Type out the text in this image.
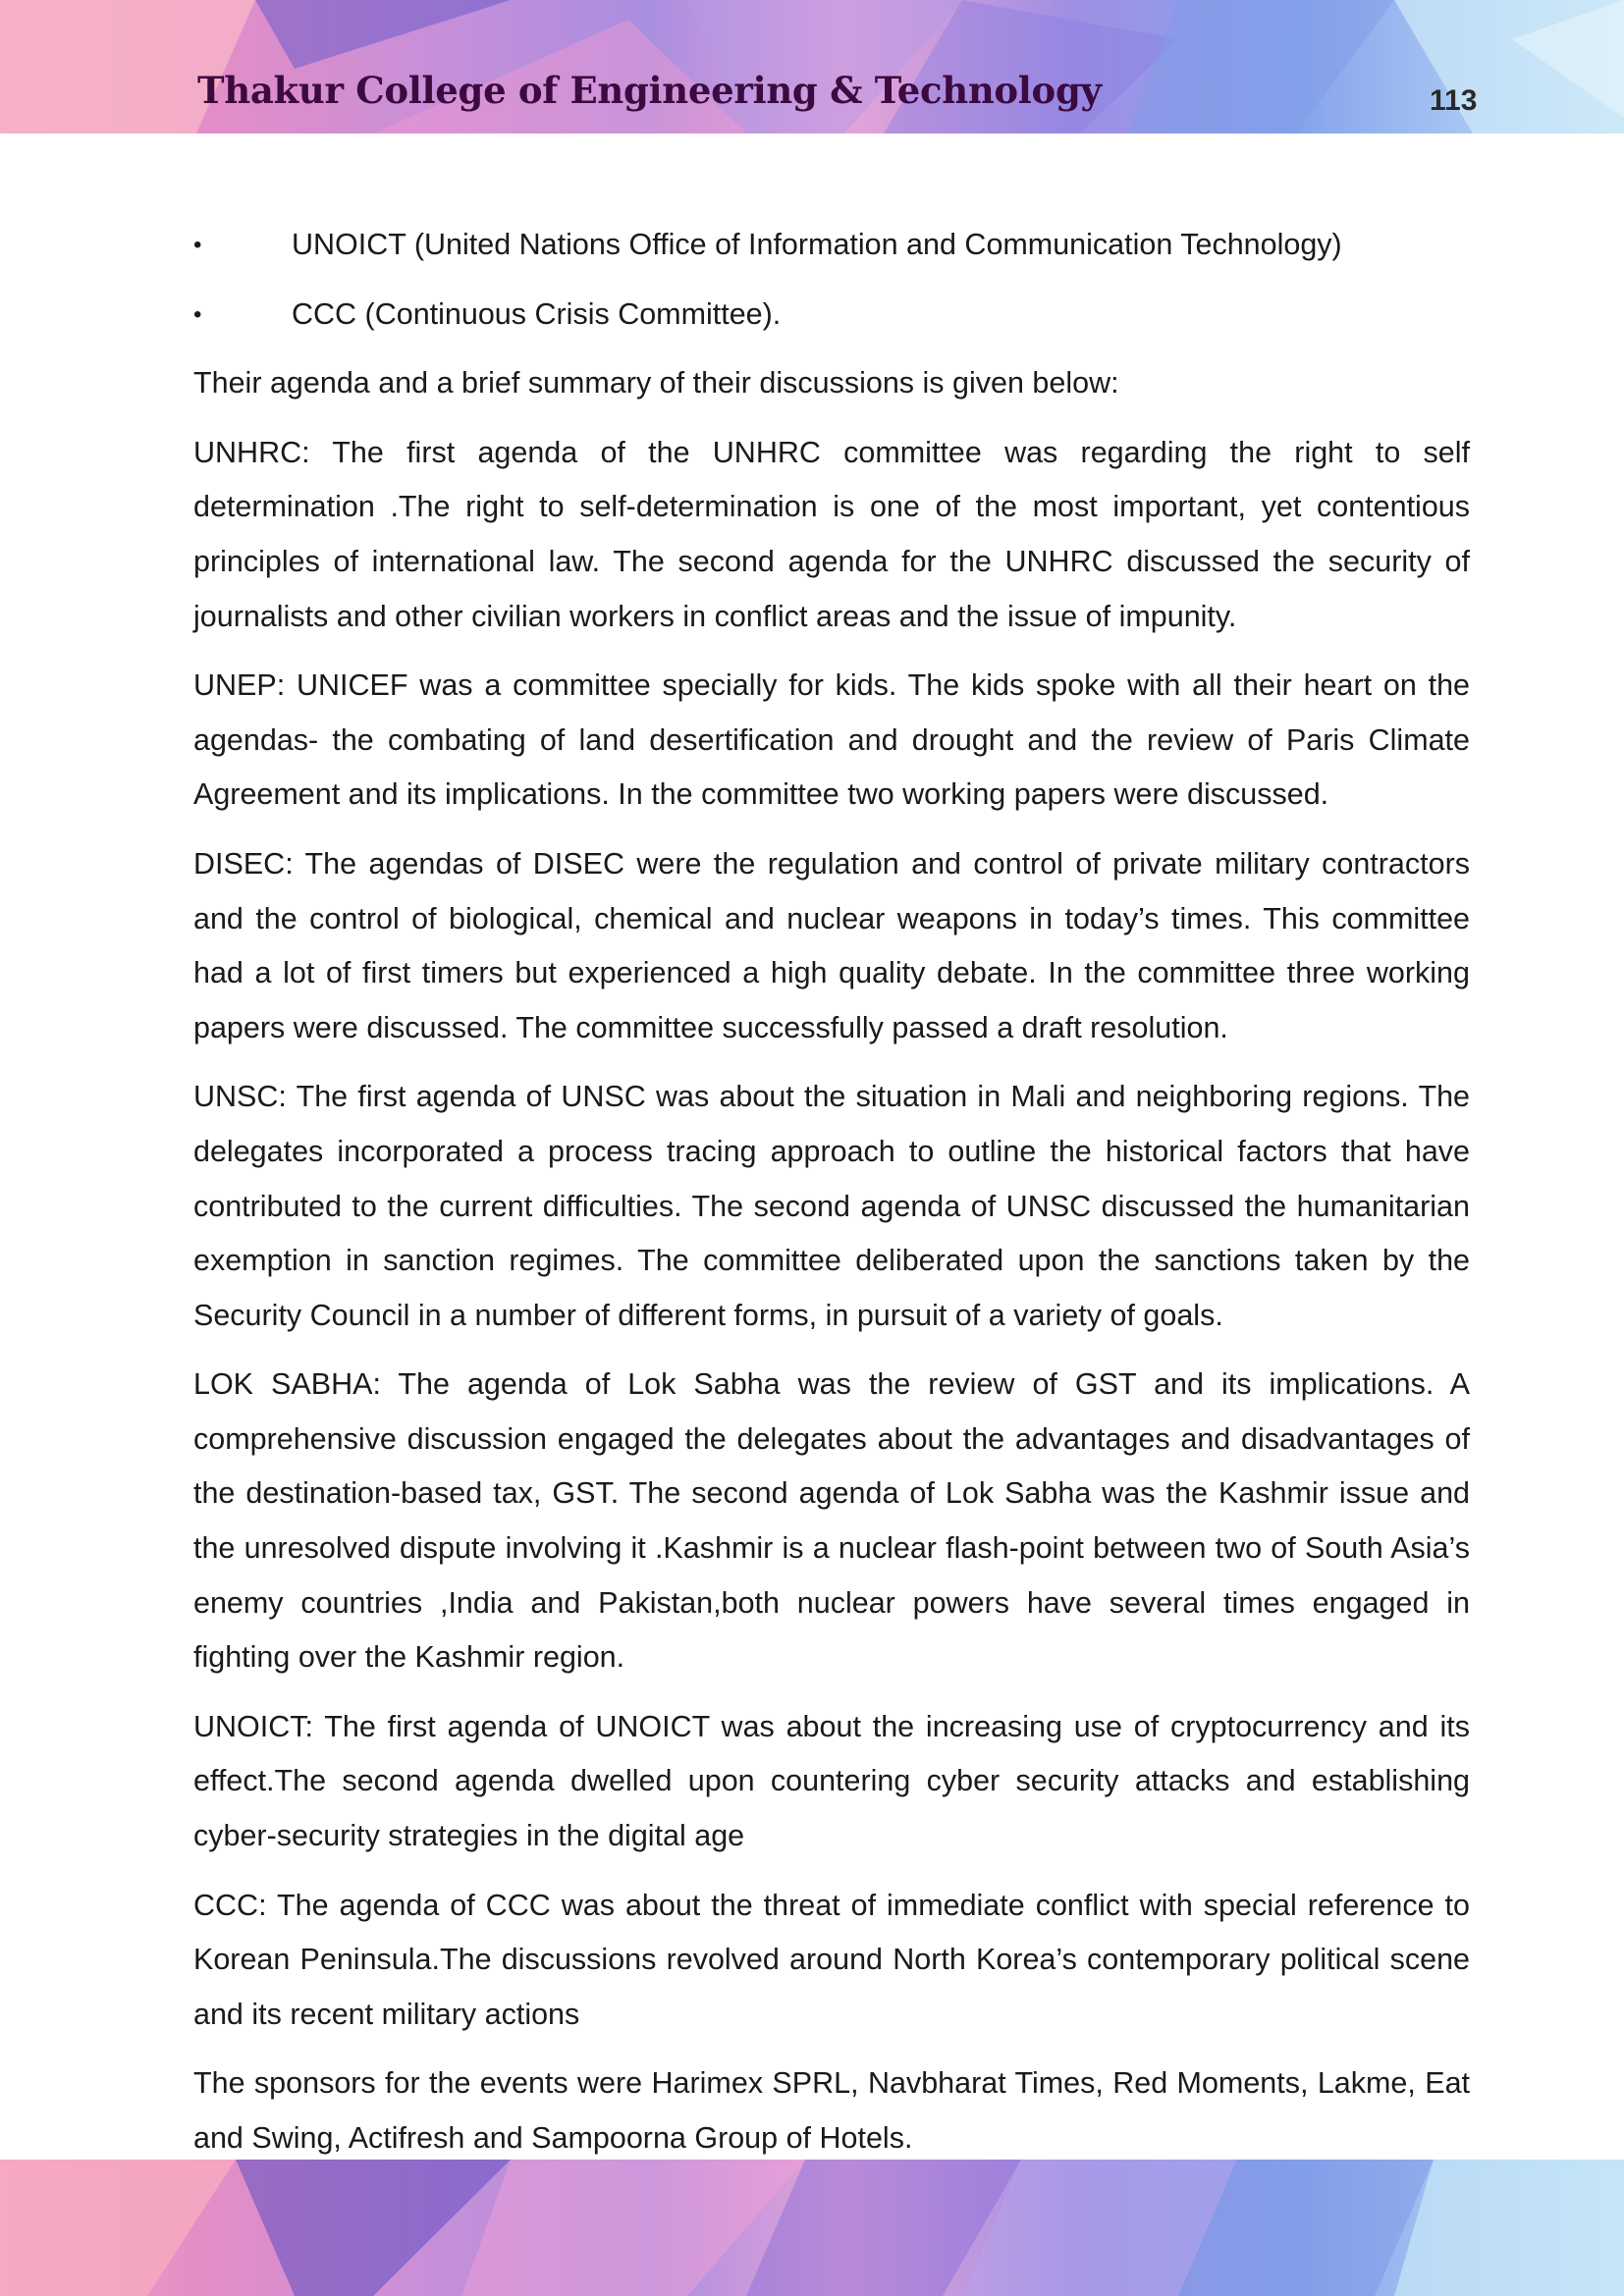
Thakur College of Engineering & Technology	113
•	UNOICT (United Nations Office of Information and Communication Technology)
•	CCC (Continuous Crisis Committee).

Their agenda and a brief summary of their discussions is given below:

UNHRC: The first agenda of the UNHRC committee was regarding the right to self determination .The right to self-determination is one of the most important, yet contentious principles of international law. The second agenda for the UNHRC discussed the security of journalists and other civilian workers in conflict areas and the issue of impunity.

UNEP: UNICEF was a committee specially for kids. The kids spoke with all their heart on the agendas- the combating of land desertification and drought and the review of Paris Climate Agreement and its implications. In the committee two working papers were discussed.

DISEC: The agendas of DISEC were the regulation and control of private military contractors and the control of biological, chemical and nuclear weapons in today’s times. This committee had a lot of first timers but experienced a high quality debate. In the committee three working papers were discussed. The committee successfully passed a draft resolution.

UNSC: The first agenda of UNSC was about the situation in Mali and neighboring regions. The delegates incorporated a process tracing approach to outline the historical factors that have contributed to the current difficulties. The second agenda of UNSC discussed the humanitarian exemption in sanction regimes. The committee deliberated upon the sanctions taken by the Security Council in a number of different forms, in pursuit of a variety of goals.

LOK SABHA: The agenda of Lok Sabha was the review of GST and its implications. A comprehensive discussion engaged the delegates about the advantages and disadvantages of the destination-based tax, GST. The second agenda of Lok Sabha was the Kashmir issue and the unresolved dispute involving it .Kashmir is a nuclear flash-point between two of South Asia’s enemy countries ,India and Pakistan,both nuclear powers have several times engaged in fighting over the Kashmir region.

UNOICT: The first agenda of UNOICT was about the increasing use of cryptocurrency and its effect.The second agenda dwelled upon countering cyber security attacks and establishing cyber-security strategies in the digital age

CCC: The agenda of CCC was about the threat of immediate conflict with special reference to Korean Peninsula.The discussions revolved around North Korea’s contemporary political scene and its recent military actions

The sponsors for the events were Harimex SPRL, Navbharat Times, Red Moments, Lakme, Eat and Swing, Actifresh and Sampoorna Group of Hotels.
